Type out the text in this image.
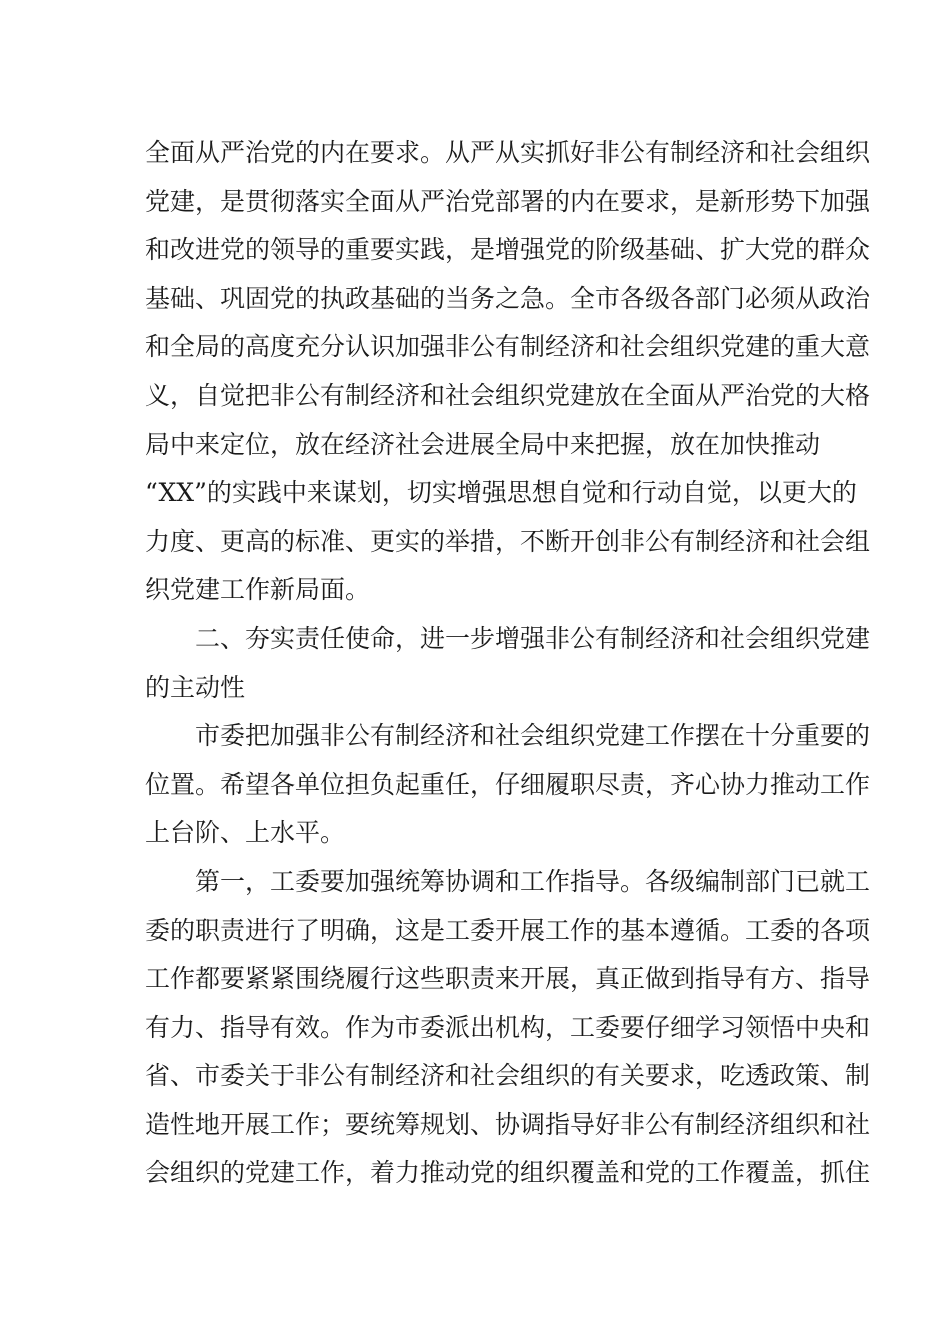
全面从严治党的内在要求。从严从实抓好非公有制经济和社会组织
党建，是贯彻落实全面从严治党部署的内在要求，是新形势下加强
和改进党的领导的重要实践，是增强党的阶级基础、扩大党的群众
基础、巩固党的执政基础的当务之急。全市各级各部门必须从政治
和全局的高度充分认识加强非公有制经济和社会组织党建的重大意
义，自觉把非公有制经济和社会组织党建放在全面从严治党的大格
局中来定位，放在经济社会进展全局中来把握，放在加快推动
“XX”的实践中来谋划，切实增强思想自觉和行动自觉，以更大的
力度、更高的标准、更实的举措，不断开创非公有制经济和社会组
织党建工作新局面。
二、夯实责任使命，进一步增强非公有制经济和社会组织党建
的主动性
市委把加强非公有制经济和社会组织党建工作摆在十分重要的
位置。希望各单位担负起重任，仔细履职尽责，齐心协力推动工作
上台阶、上水平。
第一，工委要加强统筹协调和工作指导。各级编制部门已就工
委的职责进行了明确，这是工委开展工作的基本遵循。工委的各项
工作都要紧紧围绕履行这些职责来开展，真正做到指导有方、指导
有力、指导有效。作为市委派出机构，工委要仔细学习领悟中央和
省、市委关于非公有制经济和社会组织的有关要求，吃透政策、制
造性地开展工作；要统筹规划、协调指导好非公有制经济组织和社
会组织的党建工作，着力推动党的组织覆盖和党的工作覆盖，抓住
